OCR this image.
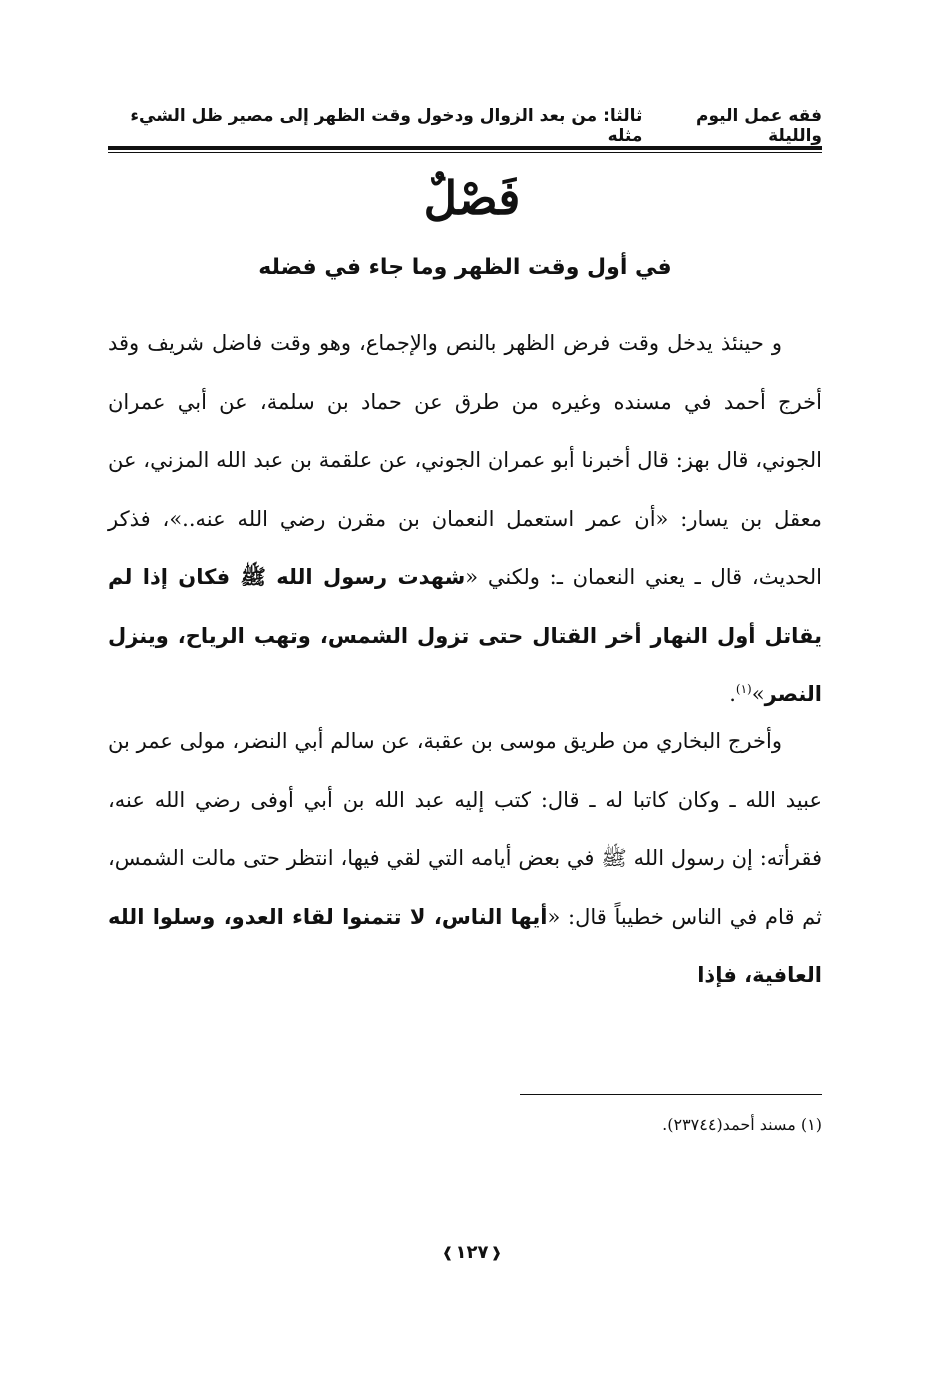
فقه عمل اليوم والليلة
ثالثا: من بعد الزوال ودخول وقت الظهر إلى مصير ظل الشيء مثله
فَصْلٌ
في أول وقت الظهر وما جاء في فضله
و حينئذ يدخل وقت فرض الظهر بالنص والإجماع، وهو وقت فاضل شريف وقد أخرج أحمد في مسنده وغيره من طرق عن حماد بن سلمة، عن أبي عمران الجوني، قال بهز: قال أخبرنا أبو عمران الجوني، عن علقمة بن عبد الله المزني، عن معقل بن يسار: «أن عمر استعمل النعمان بن مقرن رضي الله عنه..»، فذكر الحديث، قال ـ يعني النعمان ـ: ولكني «شهدت رسول الله ﷺ فكان إذا لم يقاتل أول النهار أخر القتال حتى تزول الشمس، وتهب الرياح، وينزل النصر»$^{(١)}$.
وأخرج البخاري من طريق موسى بن عقبة، عن سالم أبي النضر، مولى عمر بن عبيد الله ـ وكان كاتبا له ـ قال: كتب إليه عبد الله بن أبي أوفى رضي الله عنه، فقرأته: إن رسول الله ﷺ في بعض أيامه التي لقي فيها، انتظر حتى مالت الشمس، ثم قام في الناس خطيباً قال: «أيها الناس، لا تتمنوا لقاء العدو، وسلوا الله العافية، فإذا
(١) مسند أحمد(٢٣٧٤٤).
❰١٢٧❱
